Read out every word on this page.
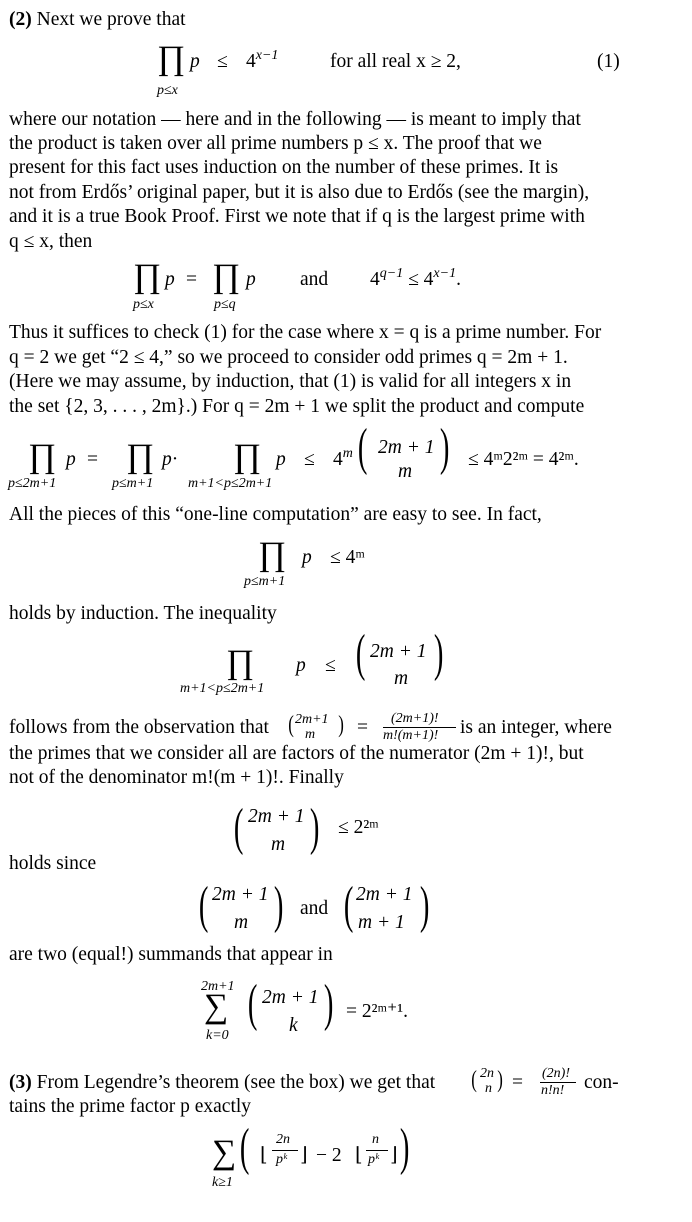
(2) Next we prove that
∏ $p \le 4^{x-1}$
p≤x
for all real x ≥ 2,	(1)
where our notation — here and in the following — is meant to imply that
the product is taken over all prime numbers p ≤ x. The proof that we
present for this fact uses induction on the number of these primes. It is
not from Erdős’ original paper, but it is also due to Erdős (see the margin),
and it is a true Book Proof. First we note that if q is the largest prime with
q ≤ x, then
∏ p = ∏ p
p≤x	p≤q
and $4^{q-1} \le 4^{x-1}$.
Thus it suffices to check (1) for the case where x = q is a prime number. For
q = 2 we get “2 ≤ 4,” so we proceed to consider odd primes q = 2m + 1.
(Here we may assume, by induction, that (1) is valid for all integers x in
the set {2, 3, . . . , 2m}.) For q = 2m + 1 we split the product and compute
∏ p = ∏ p· ∏ $p \le 4^m$ ( 2m + 1
m ) ≤ 4ᵐ2²ᵐ = 4²ᵐ.
p≤2m+1	p≤m+1 m+1<p≤2m+1
All the pieces of this “one-line computation” are easy to see. In fact,
∏ p ≤ 4ᵐ
p≤m+1
holds by induction. The inequality
∏ p ≤ ( 2m + 1
m )
m+1<p≤2m+1
follows from the observation that ( 2m+1
m ) = (2m+1)!
m!(m+1)! is an integer, where
the primes that we consider all are factors of the numerator (2m + 1)!, but
not of the denominator m!(m + 1)!. Finally
( 2m + 1
m ) ≤ 2²ᵐ
holds since
( 2m + 1
m ) and ( 2m + 1
m + 1 )
are two (equal!) summands that appear in
2m+1
∑
k=0
( 2m + 1
k ) = 2²ᵐ⁺¹.
(3) From Legendre’s theorem (see the box) we get that ( 2n
n ) = (2n)!
n!n! con-
tains the prime factor p exactly
∑
k≥1
( ⌊
2n
pᵏ ⌋ − 2 ⌊
n
pᵏ ⌋ )
